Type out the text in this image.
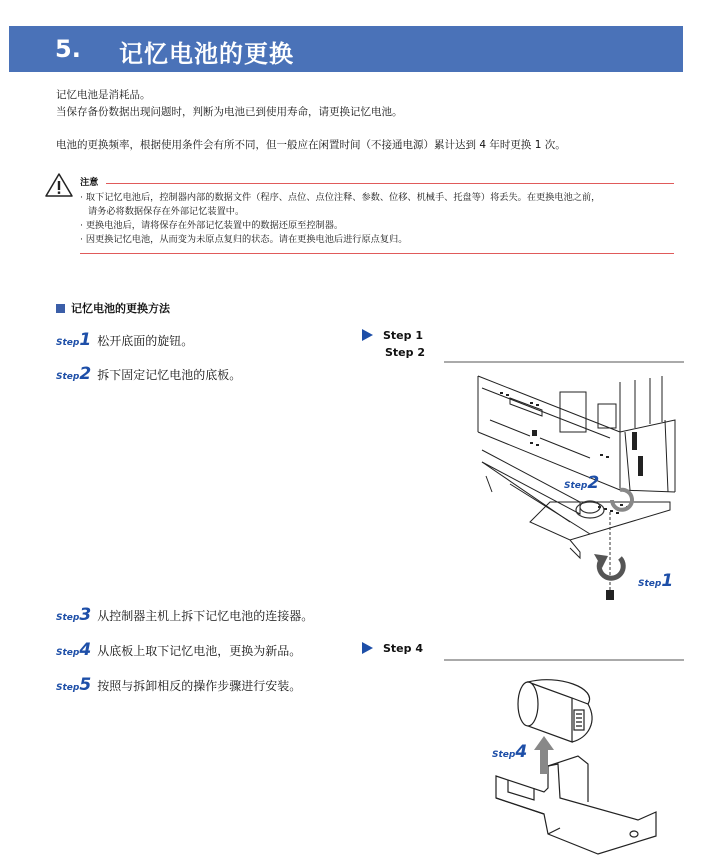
5. 记忆电池的更换
记忆电池是消耗品。
当保存备份数据出现问题时，判断为电池已到使用寿命，请更换记忆电池。
电池的更换频率，根据使用条件会有所不同，但一般应在闲置时间（不接通电源）累计达到 4 年时更换 1 次。
注意
· 取下记忆电池后，控制器内部的数据文件（程序、点位、点位注释、参数、位移、机械手、托盘等）将丢失。在更换电池之前，
请务必将数据保存在外部记忆装置中。
· 更换电池后，请将保存在外部记忆装置中的数据还原至控制器。
· 因更换记忆电池，从而变为未原点复归的状态。请在更换电池后进行原点复归。
记忆电池的更换方法
Step1 松开底面的旋钮。
Step2 拆下固定记忆电池的底板。
Step3 从控制器主机上拆下记忆电池的连接器。
Step4 从底板上取下记忆电池，更换为新品。
Step5 按照与拆卸相反的操作步骤进行安装。
Step 1
Step 2
Step 4
Step2
Step1
Step4
